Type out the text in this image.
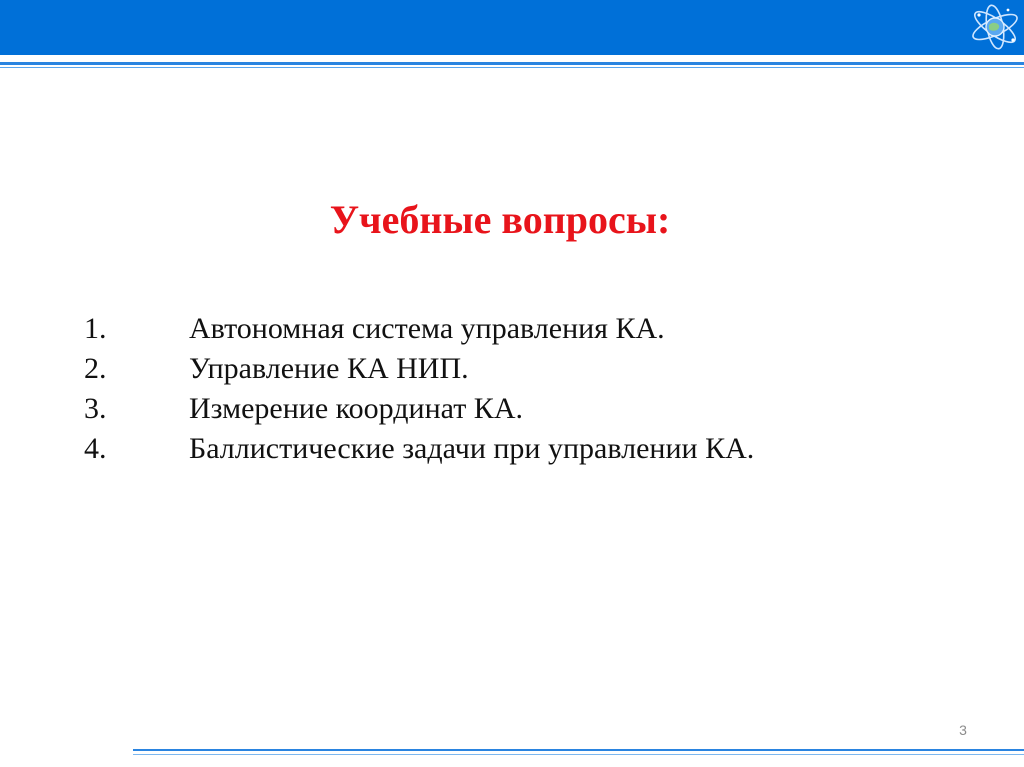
Учебные вопросы:
1.	Автономная система управления КА.
2.	Управление КА НИП.
3.	Измерение координат КА.
4.	Баллистические задачи при управлении КА.
3
